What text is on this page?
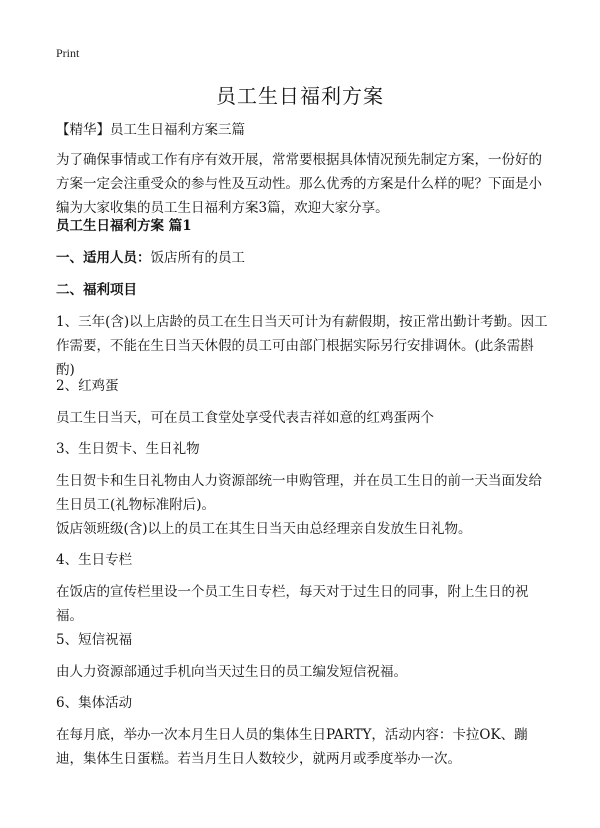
Print
员工生日福利方案

【精华】员工生日福利方案三篇

为了确保事情或工作有序有效开展，常常要根据具体情况预先制定方案，一份好的方案一定会注重受众的参与性及互动性。那么优秀的方案是什么样的呢？下面是小编为大家收集的员工生日福利方案3篇，欢迎大家分享。

员工生日福利方案 篇1

一、适用人员：饭店所有的员工

二、福利项目

1、三年(含)以上店龄的员工在生日当天可计为有薪假期，按正常出勤计考勤。因工作需要，不能在生日当天休假的员工可由部门根据实际另行安排调休。(此条需斟酌)

2、红鸡蛋

员工生日当天，可在员工食堂处享受代表吉祥如意的红鸡蛋两个

3、生日贺卡、生日礼物

生日贺卡和生日礼物由人力资源部统一申购管理，并在员工生日的前一天当面发给生日员工(礼物标准附后)。

饭店领班级(含)以上的员工在其生日当天由总经理亲自发放生日礼物。

4、生日专栏

在饭店的宣传栏里设一个员工生日专栏，每天对于过生日的同事，附上生日的祝福。

5、短信祝福

由人力资源部通过手机向当天过生日的员工编发短信祝福。

6、集体活动

在每月底，举办一次本月生日人员的集体生日PARTY，活动内容：卡拉OK、蹦迪，集体生日蛋糕。若当月生日人数较少，就两月或季度举办一次。
